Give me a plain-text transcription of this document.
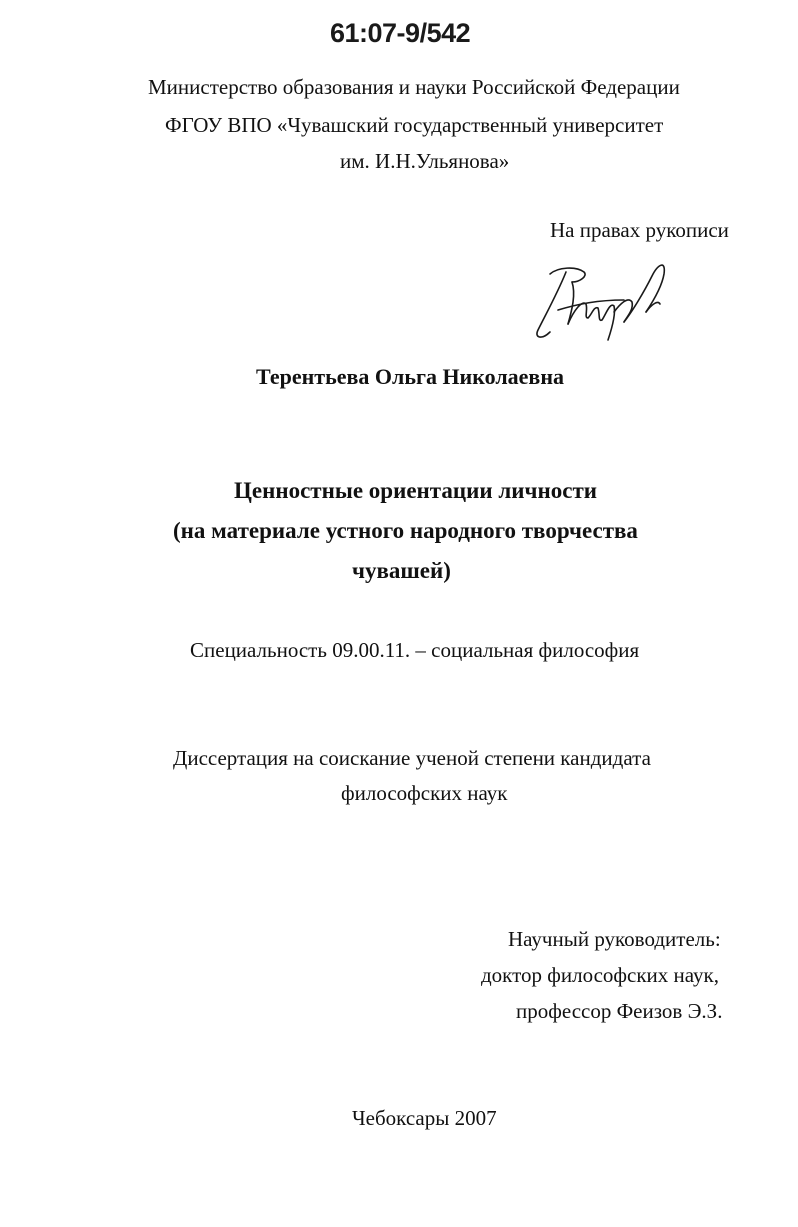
61:07-9/542
Министерство образования и науки Российской Федерации
ФГОУ ВПО «Чувашский государственный университет
им. И.Н.Ульянова»
На правах рукописи
Терентьева Ольга Николаевна
Ценностные ориентации личности
(на материале устного народного творчества
чувашей)
Специальность 09.00.11. – социальная философия
Диссертация на соискание ученой степени кандидата
философских наук
Научный руководитель:
доктор философских наук,
профессор Феизов Э.З.
Чебоксары 2007
